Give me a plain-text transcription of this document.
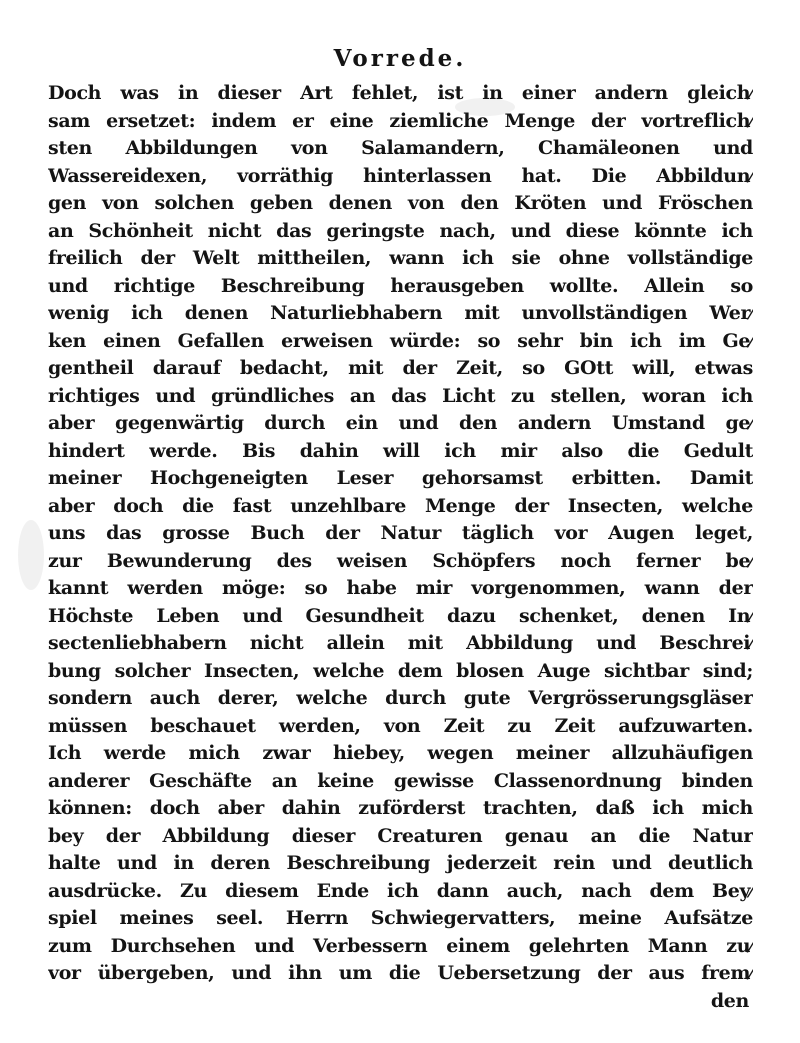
Vorrede.
Doch was in dieser Art fehlet, ist in einer andern gleich⁄
sam ersetzet: indem er eine ziemliche Menge der vortreflich⁄
sten Abbildungen von Salamandern, Chamäleonen und
Wassereidexen, vorräthig hinterlassen hat. Die Abbildun⁄
gen von solchen geben denen von den Kröten und Fröschen
an Schönheit nicht das geringste nach, und diese könnte ich
freilich der Welt mittheilen, wann ich sie ohne vollständige
und richtige Beschreibung herausgeben wollte. Allein so
wenig ich denen Naturliebhabern mit unvollständigen Wer⁄
ken einen Gefallen erweisen würde: so sehr bin ich im Ge⁄
gentheil darauf bedacht, mit der Zeit, so GOtt will, etwas
richtiges und gründliches an das Licht zu stellen, woran ich
aber gegenwärtig durch ein und den andern Umstand ge⁄
hindert werde. Bis dahin will ich mir also die Gedult
meiner Hochgeneigten Leser gehorsamst erbitten. Damit
aber doch die fast unzehlbare Menge der Insecten, welche
uns das grosse Buch der Natur täglich vor Augen leget,
zur Bewunderung des weisen Schöpfers noch ferner be⁄
kannt werden möge: so habe mir vorgenommen, wann der
Höchste Leben und Gesundheit dazu schenket, denen In⁄
sectenliebhabern nicht allein mit Abbildung und Beschrei⁄
bung solcher Insecten, welche dem blosen Auge sichtbar sind;
sondern auch derer, welche durch gute Vergrösserungsgläser
müssen beschauet werden, von Zeit zu Zeit aufzuwarten.
Ich werde mich zwar hiebey, wegen meiner allzuhäufigen
anderer Geschäfte an keine gewisse Classenordnung binden
können: doch aber dahin zuförderst trachten, daß ich mich
bey der Abbildung dieser Creaturen genau an die Natur
halte und in deren Beschreibung jederzeit rein und deutlich
ausdrücke. Zu diesem Ende ich dann auch, nach dem Bey⁄
spiel meines seel. Herrn Schwiegervatters, meine Aufsätze
zum Durchsehen und Verbessern einem gelehrten Mann zu⁄
vor übergeben, und ihn um die Uebersetzung der aus frem⁄
den
